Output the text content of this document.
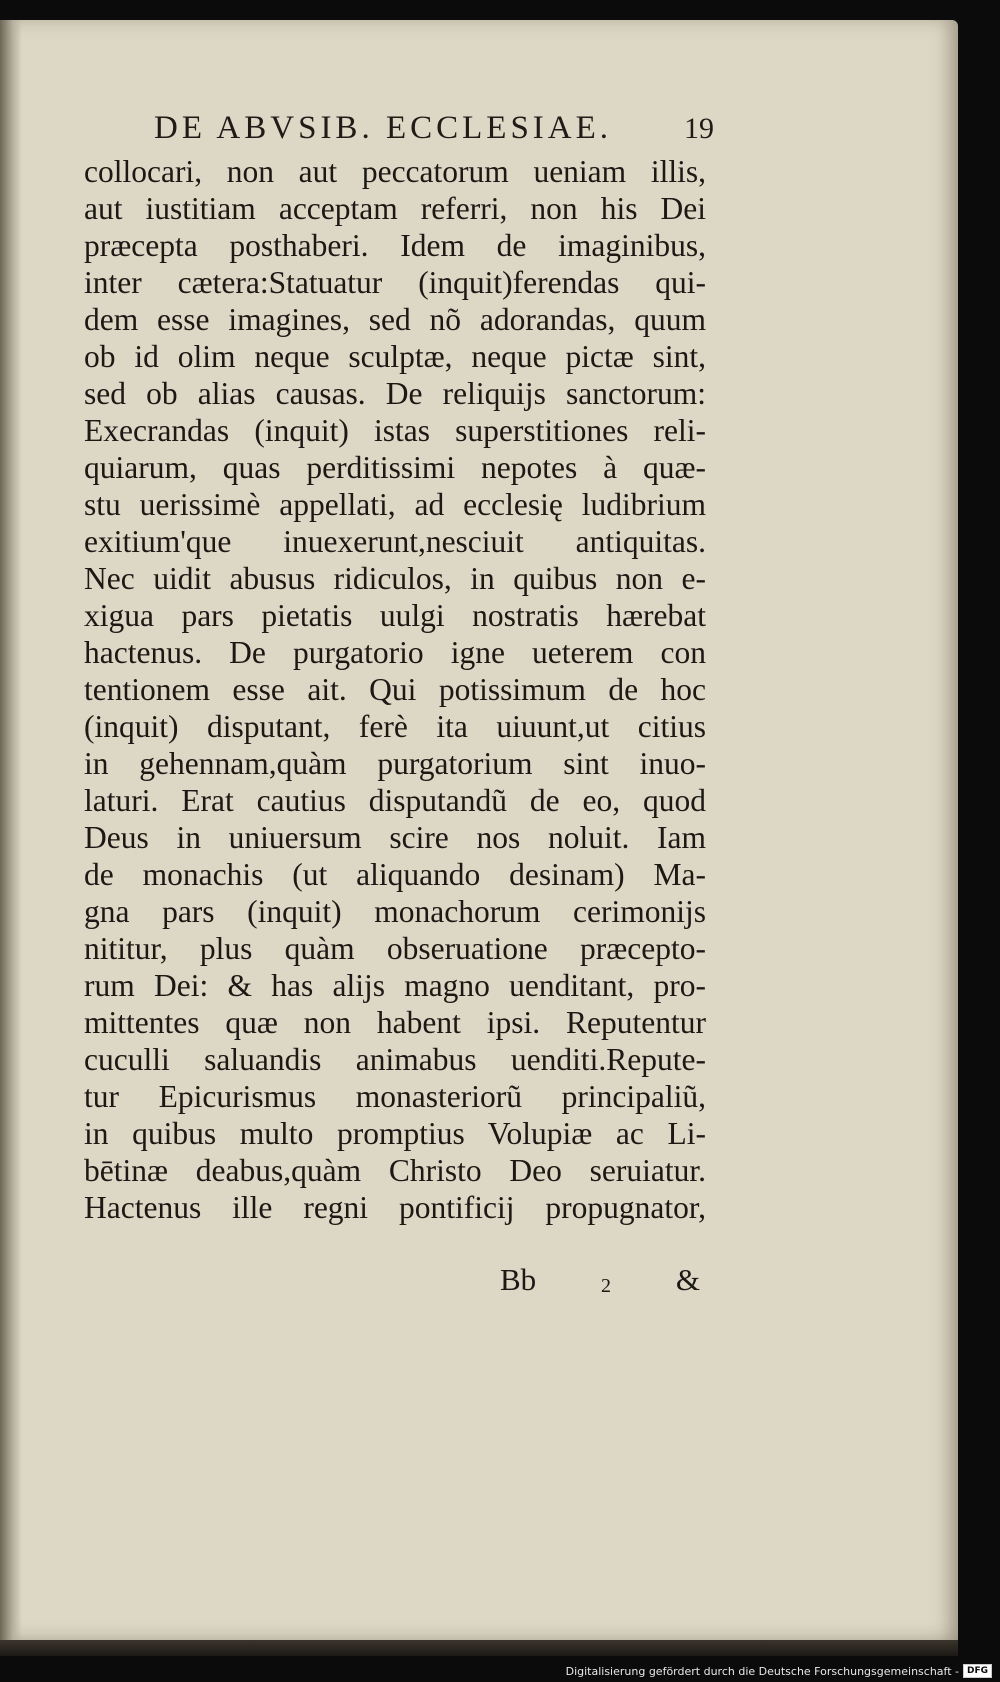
DE ABVSIB. ECCLESIAE. 19
collocari, non aut peccatorum ueniam illis,
aut iustitiam acceptam referri, non his Dei
præcepta posthaberi. Idem de imaginibus,
inter cætera:Statuatur (inquit)ferendas qui-
dem esse imagines, sed nõ adorandas, quum
ob id olim neque sculptæ, neque pictæ sint,
sed ob alias causas. De reliquijs sanctorum:
Execrandas (inquit) istas superstitiones reli-
quiarum, quas perditissimi nepotes à quæ-
stu uerissimè appellati, ad ecclesię ludibrium
exitium'que inuexerunt,nesciuit antiquitas.
Nec uidit abusus ridiculos, in quibus non e-
xigua pars pietatis uulgi nostratis hærebat
hactenus. De purgatorio igne ueterem con
tentionem esse ait. Qui potissimum de hoc
(inquit) disputant, ferè ita uiuunt,ut citius
in gehennam,quàm purgatorium sint inuo-
laturi. Erat cautius disputandũ de eo, quod
Deus in uniuersum scire nos noluit. Iam
de monachis (ut aliquando desinam) Ma-
gna pars (inquit) monachorum cerimonijs
nititur, plus quàm obseruatione præcepto-
rum Dei: & has alijs magno uenditant, pro-
mittentes quæ non habent ipsi. Reputentur
cuculli saluandis animabus uenditi.Repute-
tur Epicurismus monasteriorũ principaliũ,
in quibus multo promptius Volupiæ ac Li-
bētinæ deabus,quàm Christo Deo seruiatur.
Hactenus ille regni pontificij propugnator,
Bb	2 &
Digitalisierung gefördert durch die Deutsche Forschungsgemeinschaft - DFG
